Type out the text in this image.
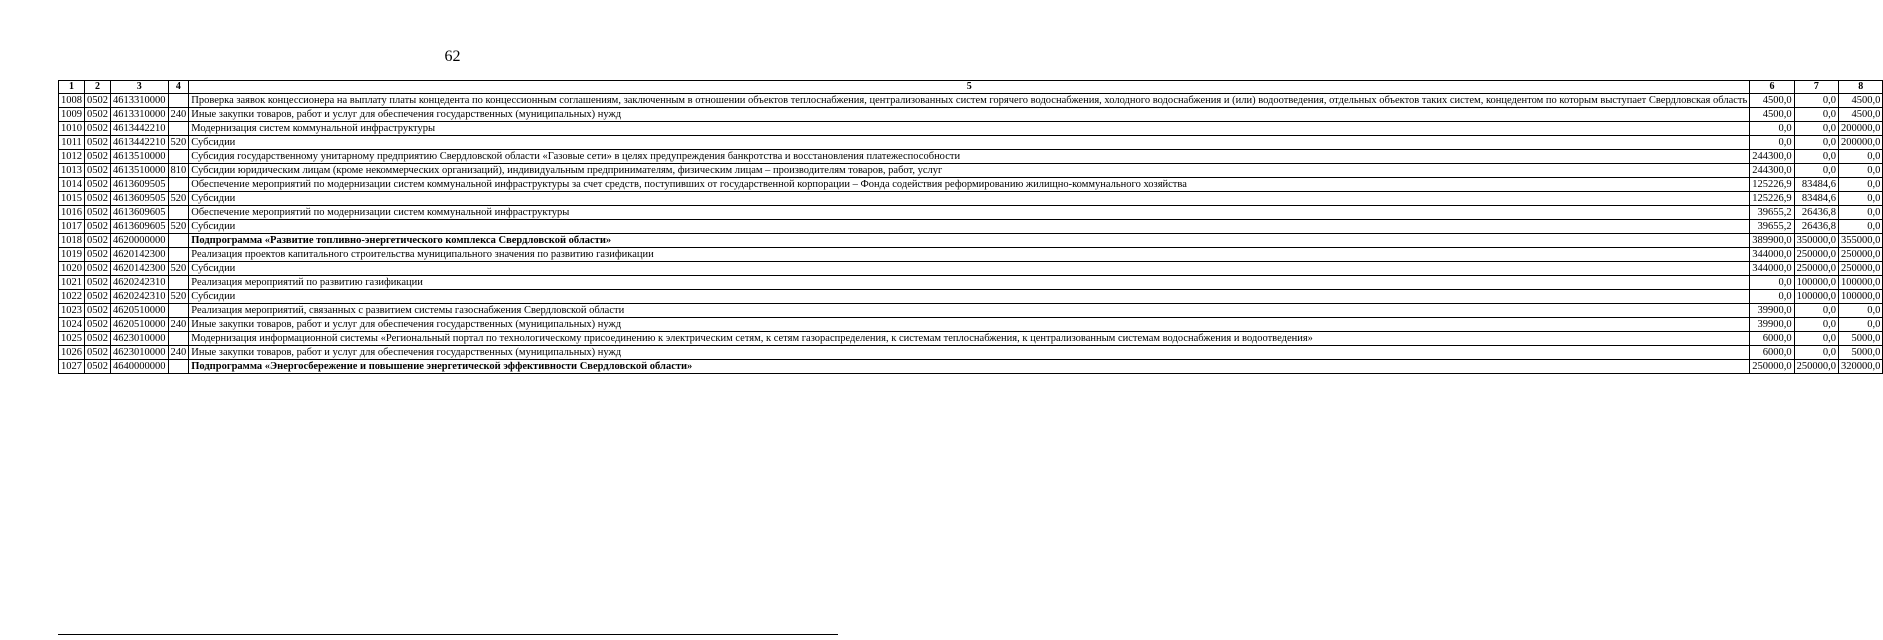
62
1	2	3	4	5	6	7	8
1008	0502	4613310000		Проверка заявок концессионера на выплату платы концедента по концессионным соглашениям, заключенным в отношении объектов теплоснабжения, централизованных систем горячего водоснабжения, холодного водоснабжения и (или) водоотведения, отдельных объектов таких систем, концедентом по которым выступает Свердловская область	4500,0	0,0	4500,0
1009	0502	4613310000	240	Иные закупки товаров, работ и услуг для обеспечения государственных (муниципальных) нужд	4500,0	0,0	4500,0
1010	0502	4613442210		Модернизация систем коммунальной инфраструктуры	0,0	0,0	200000,0
1011	0502	4613442210	520	Субсидии	0,0	0,0	200000,0
1012	0502	4613510000		Субсидия государственному унитарному предприятию Свердловской области «Газовые сети» в целях предупреждения банкротства и восстановления платежеспособности	244300,0	0,0	0,0
1013	0502	4613510000	810	Субсидии юридическим лицам (кроме некоммерческих организаций), индивидуальным предпринимателям, физическим лицам – производителям товаров, работ, услуг	244300,0	0,0	0,0
1014	0502	4613609505		Обеспечение мероприятий по модернизации систем коммунальной инфраструктуры за счет средств, поступивших от государственной корпорации – Фонда содействия реформированию жилищно-коммунального хозяйства	125226,9	83484,6	0,0
1015	0502	4613609505	520	Субсидии	125226,9	83484,6	0,0
1016	0502	4613609605		Обеспечение мероприятий по модернизации систем коммунальной инфраструктуры	39655,2	26436,8	0,0
1017	0502	4613609605	520	Субсидии	39655,2	26436,8	0,0
1018	0502	4620000000		Подпрограмма «Развитие топливно-энергетического комплекса Свердловской области»	389900,0	350000,0	355000,0
1019	0502	4620142300		Реализация проектов капитального строительства муниципального значения по развитию газификации	344000,0	250000,0	250000,0
1020	0502	4620142300	520	Субсидии	344000,0	250000,0	250000,0
1021	0502	4620242310		Реализация мероприятий по развитию газификации	0,0	100000,0	100000,0
1022	0502	4620242310	520	Субсидии	0,0	100000,0	100000,0
1023	0502	4620510000		Реализация мероприятий, связанных с развитием системы газоснабжения Свердловской области	39900,0	0,0	0,0
1024	0502	4620510000	240	Иные закупки товаров, работ и услуг для обеспечения государственных (муниципальных) нужд	39900,0	0,0	0,0
1025	0502	4623010000		Модернизация информационной системы «Региональный портал по технологическому присоединению к электрическим сетям, к сетям газораспределения, к системам теплоснабжения, к централизованным системам водоснабжения и водоотведения»	6000,0	0,0	5000,0
1026	0502	4623010000	240	Иные закупки товаров, работ и услуг для обеспечения государственных (муниципальных) нужд	6000,0	0,0	5000,0
1027	0502	4640000000		Подпрограмма «Энергосбережение и повышение энергетической эффективности Свердловской области»	250000,0	250000,0	320000,0
